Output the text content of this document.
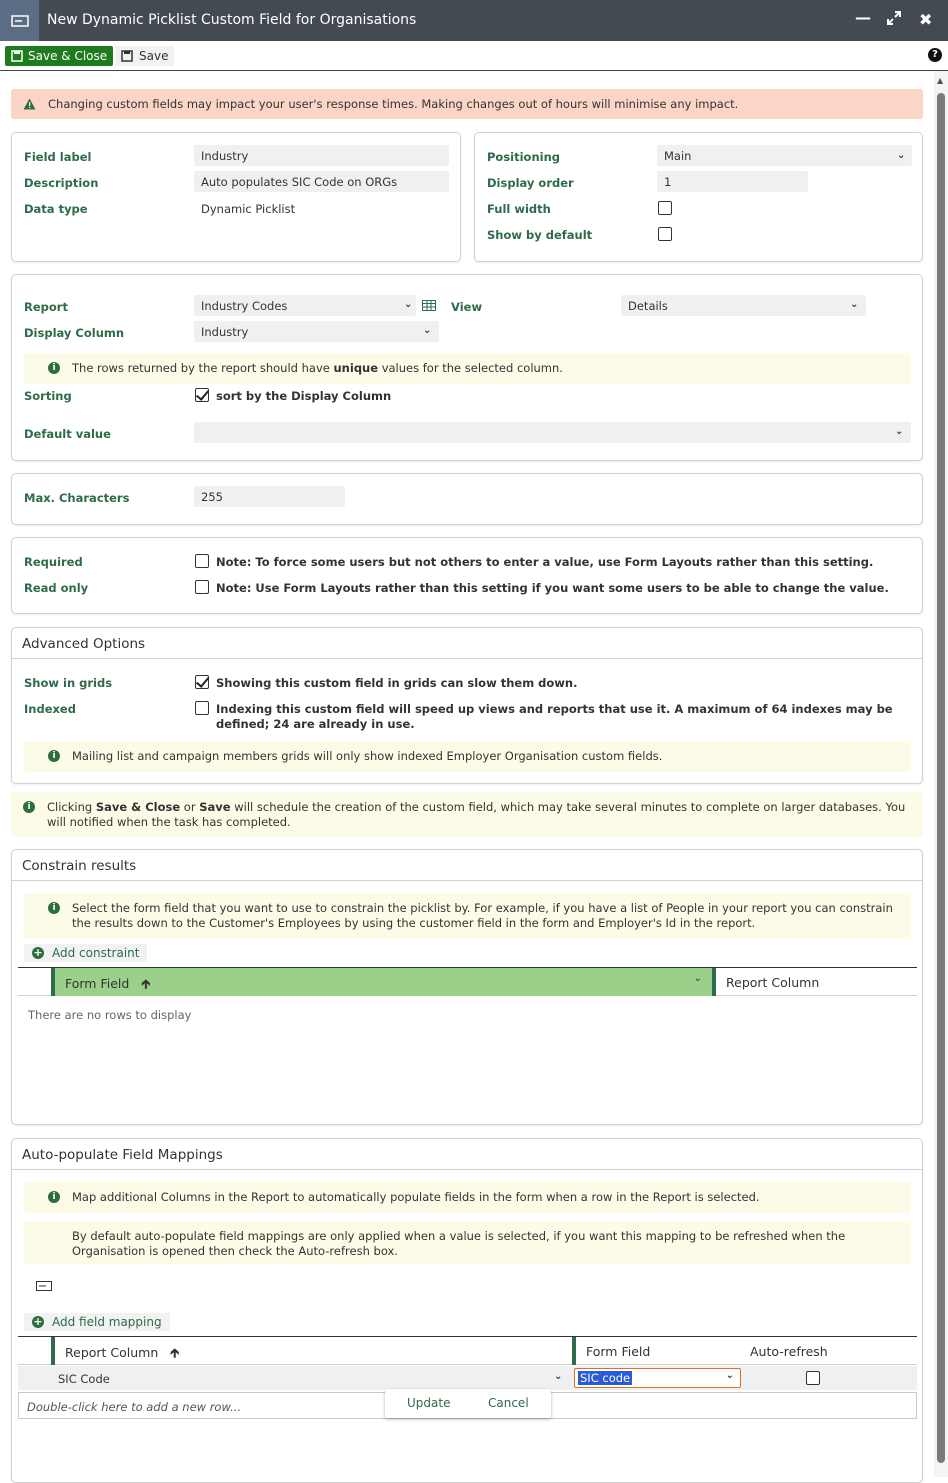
New Dynamic Picklist Custom Field for Organisations	—	✖
Save & Close	Save	?
▲
Changing custom fields may impact your user's response times. Making changes out of hours will minimise any impact.
Field label	Industry
Description	Auto populates SIC Code on ORGs
Data type	Dynamic Picklist
Positioning	Main	⌄
Display order	1
Full width
Show by default
Report	Industry Codes	⌄	View	Details	⌄
Display Column	Industry	⌄
i	The rows returned by the report should have unique values for the selected column.
Sorting	sort by the Display Column
Default value	⌄
Max. Characters	255
Required	Note: To force some users but not others to enter a value, use Form Layouts rather than this setting.
Read only	Note: Use Form Layouts rather than this setting if you want some users to be able to change the value.
Advanced Options
Show in grids	Showing this custom field in grids can slow them down.
Indexed	Indexing this custom field will speed up views and reports that use it. A maximum of 64 indexes may be defined; 24 are already in use.
i	Mailing list and campaign members grids will only show indexed Employer Organisation custom fields.
i	Clicking Save & Close or Save will schedule the creation of the custom field, which may take several minutes to complete on larger databases. You will notified when the task has completed.
Constrain results
i	Select the form field that you want to use to constrain the picklist by. For example, if you have a list of People in your report you can constrain the results down to the Customer's Employees by using the customer field in the form and Employer's Id in the report.
+ Add constraint
Form Field 🡱	⌄	Report Column
There are no rows to display
Auto-populate Field Mappings
i	Map additional Columns in the Report to automatically populate fields in the form when a row in the Report is selected.
By default auto-populate field mappings are only applied when a value is selected, if you want this mapping to be refreshed when the Organisation is opened then check the Auto-refresh box.
+ Add field mapping
Report Column 🡱	Form Field	Auto-refresh
SIC Code	⌄ SIC code	⌄
Double-click here to add a new row...	Update	Cancel
